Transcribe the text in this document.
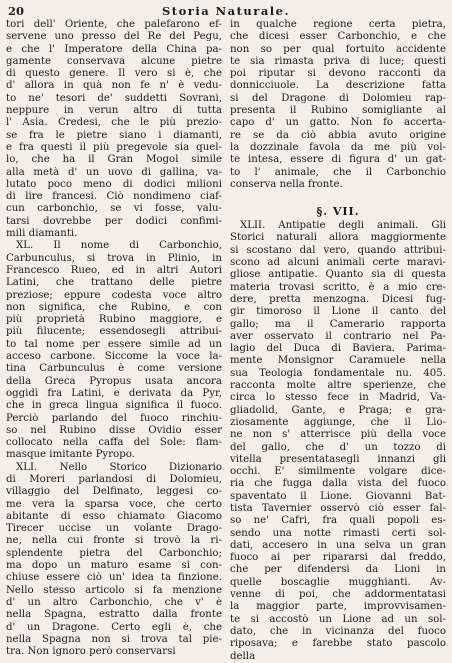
20	Storia Naturale.
tori dell' Oriente, che palefarono ef-
servene uno presso del Re del Pegu,
e che l' Imperatore della China pa-
gamente conservava alcune pietre
di questo genere. Il vero si è, che
d' allora in quà non fe n' è vedu-
to ne' tesori de' suddetti Sovrani,
neppure in verun altro di tutta
l' Asia. Credesi, che le più prezio-
se fra le pietre siano i diamanti,
e fra questi il più pregevole sia quel-
lo, che ha il Gran Mogol simile
alla metà d' un uovo di gallina, va-
lutato poco meno di dodici milioni
di lire francesi. Ciò nondimeno ciaf-
cun carbonchio, se vi fosse, valu-
tarsi dovrebbe per dodici confimi-
mili diamanti.
XL. Il nome di Carbonchio,
Carbunculus, si trova in Plinio, in
Francesco Rueo, ed in altri Autori
Latini, che trattano delle pietre
preziose; eppure codesta voce altro
non significa, che Rubino, e con
più proprietà Rubino maggiore, e
più filucente; essendosegli attribui-
to tal nome per essere simile ad un
acceso carbone. Siccome la voce la-
tina Carbunculus è come versione
della Greca Pyropus usata ancora
oggidì fra Latini, e derivata da Pyr,
che in greca lingua significa il fuoco.
Perciò parlando del fuoco rinchiu-
so nel Rubino disse Ovidio esser
collocato nella caffa del Sole: flam-
masque imitante Pyropo.
XLI. Nello Storico Dizionario
di Moreri parlandosi di Dolomieu,
villaggio del Delfinato, leggesi co-
me vera la sparsa voce, che certo
abitante di esso chiamato Giacomo
Tirecer uccise un volante Drago-
ne, nella cui fronte si trovò la ri-
splendente pietra del Carbonchio;
ma dopo un maturo esame si con-
chiuse essere ciò un' idea ta finzione.
Nello stesso articolo si fa menzione
d' un altro Carbonchio, che v' è
nella Spagna, estratto dalla fronte
d' un Dragone. Certo egli è, che
nella Spagna non si trova tal pie-
tra. Non ignoro però conservarsi
in qualche regione certa pietra,
che dicesi esser Carbonchio, e che
non so per qual fortuito accidente
te sia rimasta priva di luce; questi
poi riputar si devono racconti da
donnicciuole. La descrizione fatta
si del Dragone di Dolomieu rap-
presenta il Rubino somigliante al
capo d' un gatto. Non fo accerta-
re se da ciò abbia avuto origine
la dozzinale favola da me più vol-
te intesa, essere di figura d' un gat-
to l' animale, che il Carbonchio
conserva nella fronte.
§. VII.
XLII. Antipatie degli animali. Gli
Storici naturali allora maggiormente
si scostano dal vero, quando attribui-
scono ad alcuni animali certe maravi-
gliose antipatie. Quanto sia di questa
materia trovasi scritto, è a mio cre-
dere, pretta menzogna. Dicesi fug-
gir timoroso il Lione il canto del
gallo; ma il Camerario rapporta
aver osservato il contrario nel Pa-
lagio del Duca di Baviera. Parima-
mente Monsignor Caramuele nella
sua Teologia fondamentale nu. 405.
racconta molte altre sperienze, che
circa lo stesso fece in Madrid, Va-
gliadolid, Gante, e Praga; e gra-
ziosamente aggiunge, che il Lio-
ne non s' atterrisce più della voce
del gallo, che d' un tozzo di
vitella presentatasegli innanzi gli
occhi. E' similmente volgare dice-
ria che fugga dalla vista del fuoco
spaventato il Lione. Giovanni Bat-
tista Tavernier osservò ciò esser fal-
so ne' Cafri, fra quali popoli es-
sendo una notte rimasti certi sol-
dati, accesero in una selva un gran
fuoco ai per ripararsi dal freddo,
che per difendersi da Lioni in
quelle boscaglie mugghianti. Av-
venne di poi, che addormentatasi
la maggior parte, improvvisamen-
te si accostò un Lione ad un sol-
dato, che in vicinanza del fuoco
riposava; e farebbe stato pascolo
della
